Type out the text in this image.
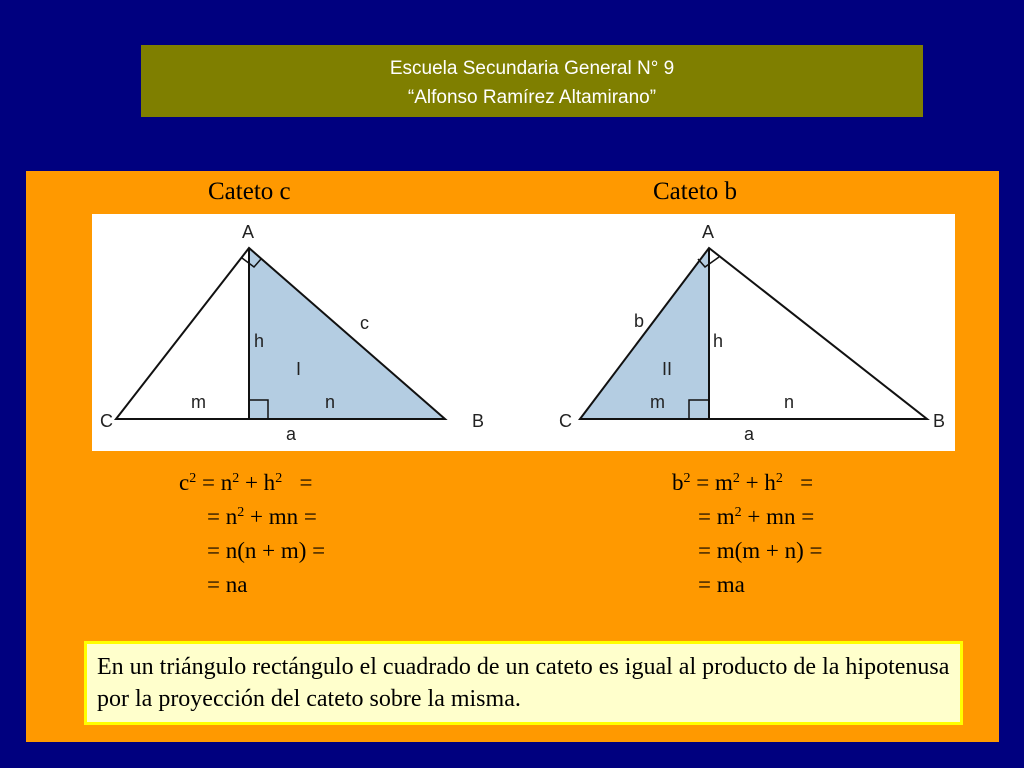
Escuela Secundaria General N° 9
“Alfonso Ramírez Altamirano”
Cateto c	Cateto b
A
C	B
c
h
I
m	n
a
A
C	B
b
h
II
m	n
a
$c^2 = n^2 + h^2$   =
= $n^2$ + mn =
= n(n + m) =
= na
$b^2 = m^2 + h^2$   =
= $m^2$ + mn =
= m(m + n) =
= ma
En un triángulo rectángulo el cuadrado de un cateto es igual al producto de la hipotenusa por la proyección del cateto sobre la misma.
